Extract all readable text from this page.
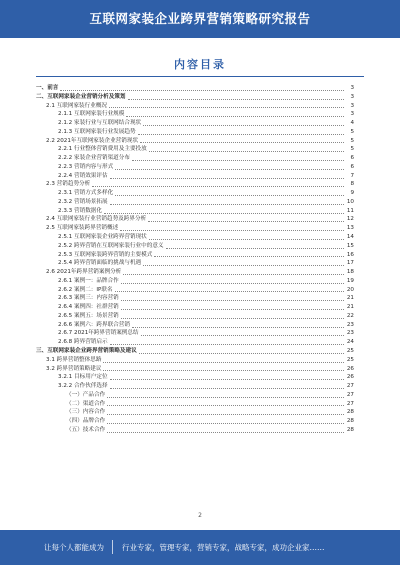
互联网家装企业跨界营销策略研究报告
内容目录
一、前言	3
二、互联网家装企业营销分析及策划	3
2.1 互联网家装行业概况	3
2.1.1 互联网家装行业规模	3
2.1.2 家装行业与互联网结合现状	4
2.1.3 互联网家装行业发展趋势	5
2.2 2021年互联网家装企业营销现状	5
2.2.1 行业整体营销费用及主要投放	5
2.2.2 家装企业营销渠道分布	6
2.2.3 营销内容与形式	6
2.2.4 营销效果评估	7
2.3 营销趋势分析	8
2.3.1 营销方式多样化	9
2.3.2 营销场景拓展	10
2.3.3 营销数据化	11
2.4 互联网家装行业营销趋势及跨界分析	12
2.5 互联网家装跨界营销概述	13
2.5.1 互联网家装企业跨界营销现状	14
2.5.2 跨界营销在互联网家装行业中的意义	15
2.5.3 互联网家装跨界营销的主要模式	16
2.5.4 跨界营销面临的挑战与机遇	17
2.6 2021年跨界营销案例分析	18
2.6.1 案例一：品牌合作	19
2.6.2 案例二：IP联名	20
2.6.3 案例三：内容营销	21
2.6.4 案例四：社群营销	21
2.6.5 案例五：场景营销	22
2.6.6 案例六：跨界联合营销	23
2.6.7 2021年跨界营销案例总结	23
2.6.8 跨界营销启示	24
三、互联网家装企业跨界营销策略及建议	25
3.1 跨界营销整体思路	25
3.2 跨界营销策略建议	26
3.2.1 目标用户定位	26
3.2.2 合作伙伴选择	27
（一）产品合作	27
（二）渠道合作	27
（三）内容合作	28
（四）品牌合作	28
（五）技术合作	28
2
让每个人都能成为 行业专家，管理专家，营销专家，战略专家，成功企业家……
